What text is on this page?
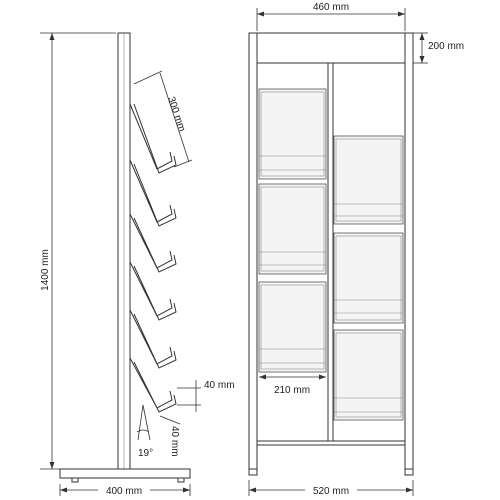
1400 mm
300 mm
40 mm
40 mm
19°
400 mm
460 mm
200 mm
210 mm
520 mm
